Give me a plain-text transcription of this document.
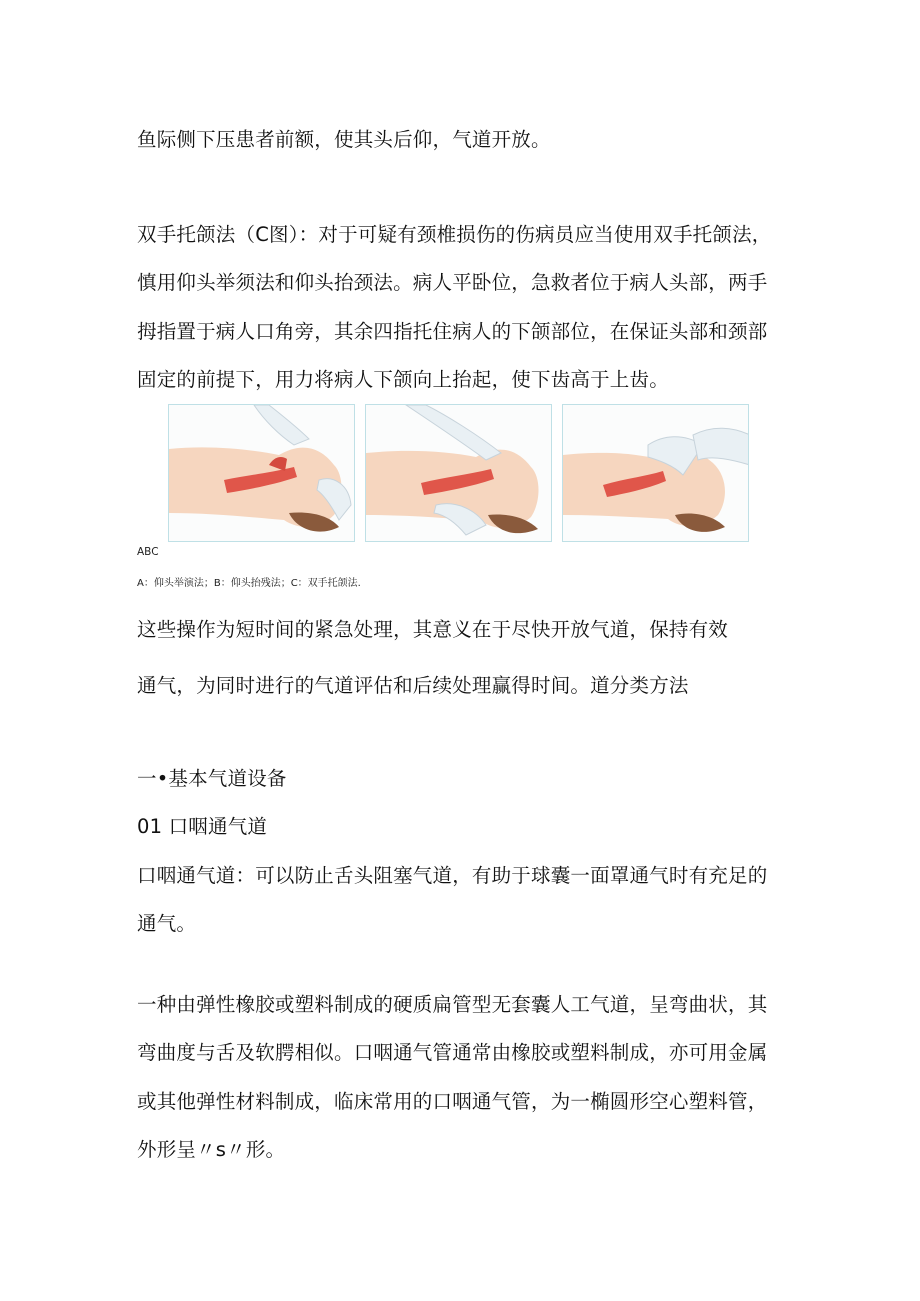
鱼际侧下压患者前额，使其头后仰，气道开放。
双手托颌法（C图）：对于可疑有颈椎损伤的伤病员应当使用双手托颌法，
慎用仰头举须法和仰头抬颈法。病人平卧位，急救者位于病人头部，两手
拇指置于病人口角旁，其余四指托住病人的下颌部位，在保证头部和颈部
固定的前提下，用力将病人下颌向上抬起，使下齿高于上齿。
ABC
A：仰头举演法；B：仰头抬残法；C：双手托颌法.
这些操作为短时间的紧急处理，其意义在于尽快开放气道，保持有效
通气，为同时进行的气道评估和后续处理赢得时间。道分类方法
一•基本气道设备
01 口咽通气道
口咽通气道：可以防止舌头阻塞气道，有助于球囊一面罩通气时有充足的
通气。
一种由弹性橡胶或塑料制成的硬质扁管型无套囊人工气道，呈弯曲状，其
弯曲度与舌及软腭相似。口咽通气管通常由橡胶或塑料制成，亦可用金属
或其他弹性材料制成，临床常用的口咽通气管，为一椭圆形空心塑料管，
外形呈〃s〃形。
